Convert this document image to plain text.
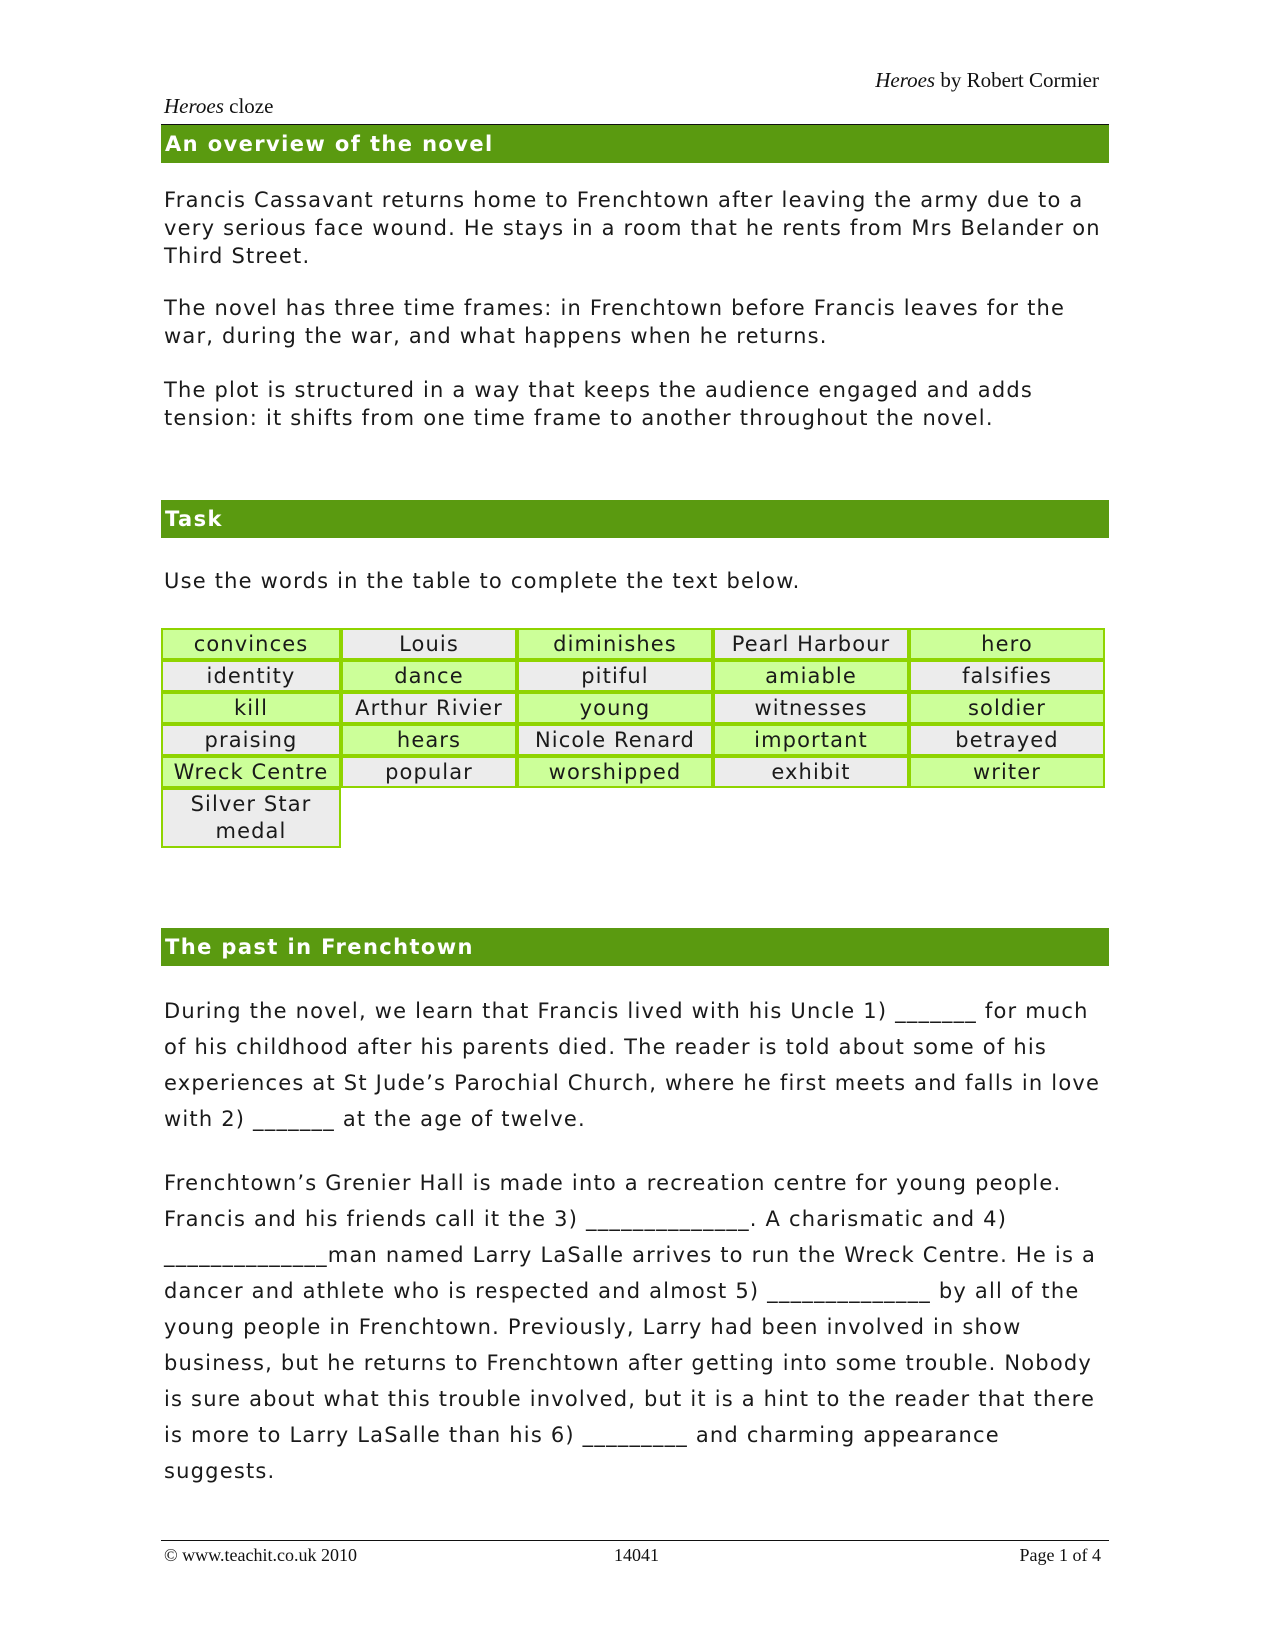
Heroes by Robert Cormier
Heroes cloze
An overview of the novel

Francis Cassavant returns home to Frenchtown after leaving the army due to a very serious face wound. He stays in a room that he rents from Mrs Belander on Third Street.

The novel has three time frames: in Frenchtown before Francis leaves for the war, during the war, and what happens when he returns.

The plot is structured in a way that keeps the audience engaged and adds tension: it shifts from one time frame to another throughout the novel.

Task

Use the words in the table to complete the text below.

convinces	Louis	diminishes	Pearl Harbour	hero
identity	dance	pitiful	amiable	falsifies
kill	Arthur Rivier	young	witnesses	soldier
praising	hears	Nicole Renard	important	betrayed
Wreck Centre	popular	worshipped	exhibit	writer
Silver Star medal				
The past in Frenchtown

During the novel, we learn that Francis lived with his Uncle 1) _______ for much of his childhood after his parents died. The reader is told about some of his experiences at St Jude’s Parochial Church, where he first meets and falls in love with 2) _______ at the age of twelve.

Frenchtown’s Grenier Hall is made into a recreation centre for young people. Francis and his friends call it the 3) ______________. A charismatic and 4) ______________man named Larry LaSalle arrives to run the Wreck Centre. He is a dancer and athlete who is respected and almost 5) ______________ by all of the young people in Frenchtown. Previously, Larry had been involved in show business, but he returns to Frenchtown after getting into some trouble. Nobody is sure about what this trouble involved, but it is a hint to the reader that there is more to Larry LaSalle than his 6) _________ and charming appearance suggests.

© www.teachit.co.uk 2010	14041	Page 1 of 4
